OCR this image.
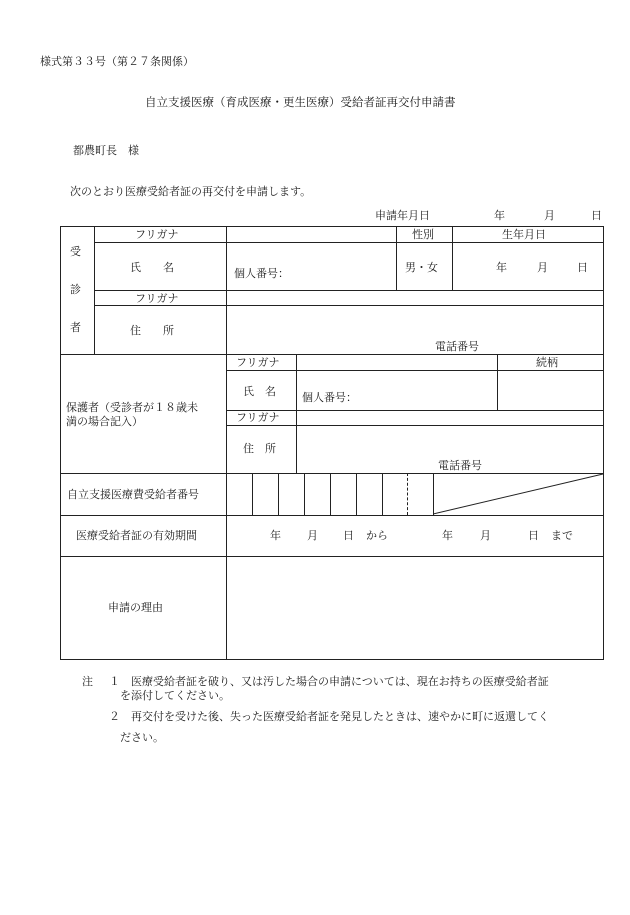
様式第３３号（第２７条関係）
自立支援医療（育成医療・更生医療）受給者証再交付申請書
都農町長　様
次のとおり医療受給者証の再交付を申請します。
申請年月日	年	月	日
受
診
者
フリガナ	性別	生年月日
氏　　名	個人番号：	男・女	年	月	日
フリガナ
住　　所
電話番号
保護者（受診者が１８歳未
満の場合記入）
フリガナ	続柄
氏　名 個人番号：
フリガナ
住　所
電話番号
自立支援医療費受給者番号
医療受給者証の有効期間	年 月 日 から	年 月	日 まで
申請の理由
注 １ 医療受給者証を破り、又は汚した場合の申請については、現在お持ちの医療受給者証
を添付してください。
２ 再交付を受けた後、失った医療受給者証を発見したときは、速やかに町に返還してく
ださい。
